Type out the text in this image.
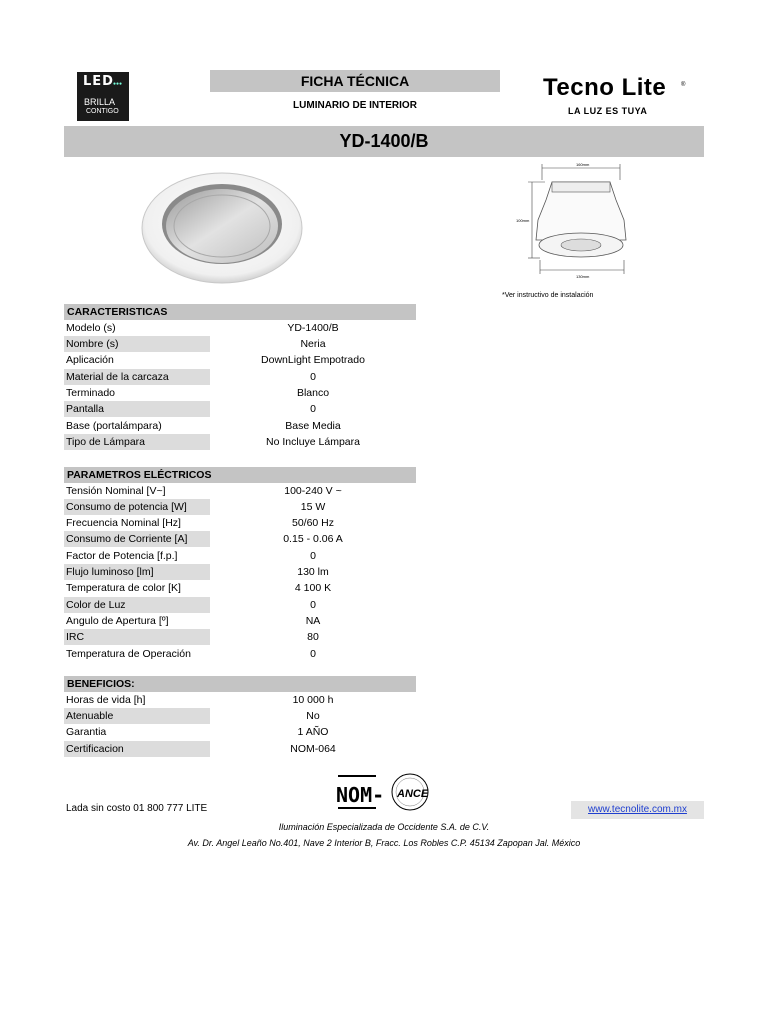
LED ●●●
BRILLA
CONTIGO
FICHA TÉCNICA
LUMINARIO DE INTERIOR
Tecno Lite ®
LA LUZ ES TUYA
YD-1400/B
160mm
100mm
130mm
*Ver instructivo de instalación
CARACTERISTICAS
Modelo (s)	YD-1400/B
Nombre (s)	Neria
Aplicación	DownLight Empotrado
Material de la carcaza	0
Terminado	Blanco
Pantalla	0
Base (portalámpara)	Base Media
Tipo de Lámpara	No Incluye Lámpara
PARAMETROS ELÉCTRICOS
Tensión Nominal [V~]	100-240 V ~
Consumo de potencia [W]	15 W
Frecuencia Nominal [Hz]	50/60 Hz
Consumo de Corriente [A]	0.15 - 0.06 A
Factor de Potencia [f.p.]	0
Flujo luminoso [lm]	130 lm
Temperatura de color [K]	4 100 K
Color de Luz	0
Angulo de Apertura [º]	NA
IRC	80
Temperatura de Operación	0
BENEFICIOS:
Horas de vida [h]	10 000 h
Atenuable	No
Garantia	1 AÑO
Certificacion	NOM-064
Lada sin costo 01 800 777 LITE
NOM- ANCE
www.tecnolite.com.mx
Iluminación Especializada de Occidente S.A. de C.V.
Av. Dr. Angel Leaño No.401, Nave 2 Interior B, Fracc. Los Robles C.P. 45134 Zapopan Jal. México
